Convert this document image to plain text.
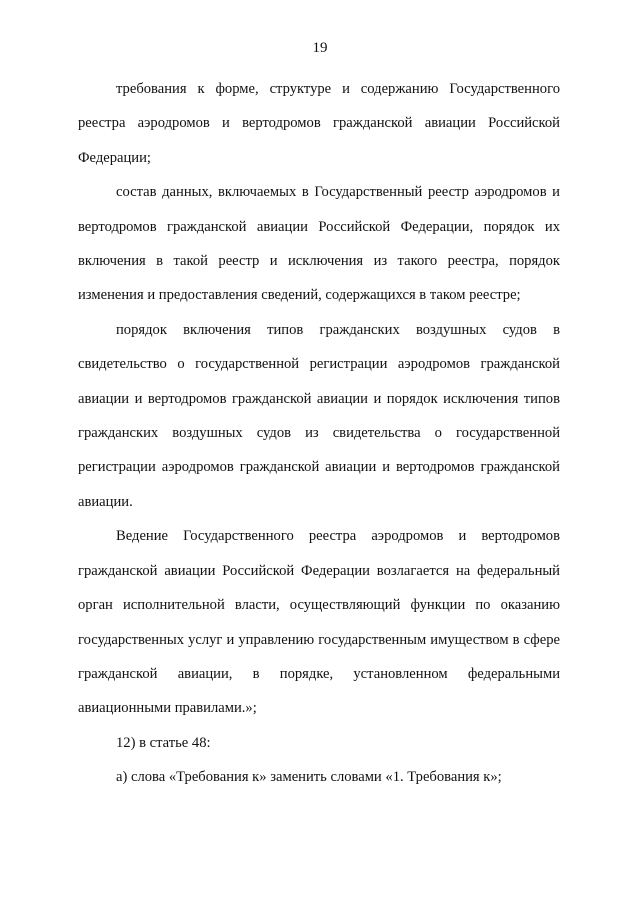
19

требования к форме, структуре и содержанию Государственного реестра аэродромов и вертодромов гражданской авиации Российской Федерации;

состав данных, включаемых в Государственный реестр аэродромов и вертодромов гражданской авиации Российской Федерации, порядок их включения в такой реестр и исключения из такого реестра, порядок изменения и предоставления сведений, содержащихся в таком реестре;

порядок включения типов гражданских воздушных судов в свидетельство о государственной регистрации аэродромов гражданской авиации и вертодромов гражданской авиации и порядок исключения типов гражданских воздушных судов из свидетельства о государственной регистрации аэродромов гражданской авиации и вертодромов гражданской авиации.

Ведение Государственного реестра аэродромов и вертодромов гражданской авиации Российской Федерации возлагается на федеральный орган исполнительной власти, осуществляющий функции по оказанию государственных услуг и управлению государственным имуществом в сфере гражданской авиации, в порядке, установленном федеральными авиационными правилами.»;

12) в статье 48:

а) слова «Требования к» заменить словами «1. Требования к»;
